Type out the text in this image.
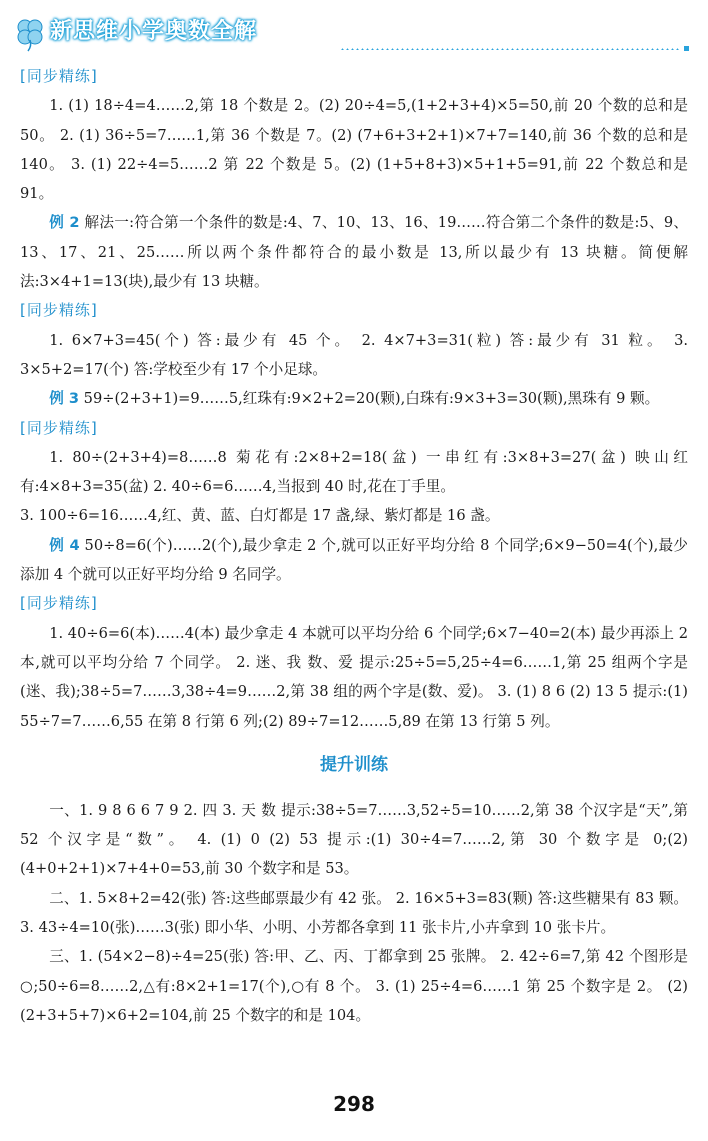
新思维小学奥数全解
[同步精练]

1. (1) 18÷4=4……2,第 18 个数是 2。(2) 20÷4=5,(1+2+3+4)×5=50,前 20 个数的总和是 50。 2. (1) 36÷5=7……1,第 36 个数是 7。(2) (7+6+3+2+1)×7+7=140,前 36 个数的总和是 140。 3. (1) 22÷4=5……2 第 22 个数是 5。(2) (1+5+8+3)×5+1+5=91,前 22 个数总和是 91。

例 2 解法一:符合第一个条件的数是:4、7、10、13、16、19……符合第二个条件的数是:5、9、13、17、21、25……所以两个条件都符合的最小数是 13,所以最少有 13 块糖。简便解法:3×4+1=13(块),最少有 13 块糖。

[同步精练]

1. 6×7+3=45(个) 答:最少有 45 个。 2. 4×7+3=31(粒) 答:最少有 31 粒。 3. 3×5+2=17(个) 答:学校至少有 17 个小足球。

例 3 59÷(2+3+1)=9……5,红珠有:9×2+2=20(颗),白珠有:9×3+3=30(颗),黑珠有 9 颗。

[同步精练]

1. 80÷(2+3+4)=8……8 菊花有:2×8+2=18(盆) 一串红有:3×8+3=27(盆) 映山红有:4×8+3=35(盆) 2. 40÷6=6……4,当报到 40 时,花在丁手里。

3. 100÷6=16……4,红、黄、蓝、白灯都是 17 盏,绿、紫灯都是 16 盏。

例 4 50÷8=6(个)……2(个),最少拿走 2 个,就可以正好平均分给 8 个同学;6×9−50=4(个),最少添加 4 个就可以正好平均分给 9 名同学。

[同步精练]

1. 40÷6=6(本)……4(本) 最少拿走 4 本就可以平均分给 6 个同学;6×7−40=2(本) 最少再添上 2 本,就可以平均分给 7 个同学。 2. 迷、我 数、爱 提示:25÷5=5,25÷4=6……1,第 25 组两个字是(迷、我);38÷5=7……3,38÷4=9……2,第 38 组的两个字是(数、爱)。 3. (1) 8 6 (2) 13 5 提示:(1) 55÷7=7……6,55 在第 8 行第 6 列;(2) 89÷7=12……5,89 在第 13 行第 5 列。

提升训练

一、1. 9 8 6 6 7 9 2. 四 3. 天 数 提示:38÷5=7……3,52÷5=10……2,第 38 个汉字是“天”,第 52 个汉字是“数”。 4. (1) 0 (2) 53 提示:(1) 30÷4=7……2,第 30 个数字是 0;(2) (4+0+2+1)×7+4+0=53,前 30 个数字和是 53。

二、1. 5×8+2=42(张) 答:这些邮票最少有 42 张。 2. 16×5+3=83(颗) 答:这些糖果有 83 颗。 3. 43÷4=10(张)……3(张) 即小华、小明、小芳都各拿到 11 张卡片,小卉拿到 10 张卡片。

三、1. (54×2−8)÷4=25(张) 答:甲、乙、丙、丁都拿到 25 张牌。 2. 42÷6=7,第 42 个图形是○;50÷6=8……2,△有:8×2+1=17(个),○有 8 个。 3. (1) 25÷4=6……1 第 25 个数字是 2。 (2) (2+3+5+7)×6+2=104,前 25 个数字的和是 104。

298
